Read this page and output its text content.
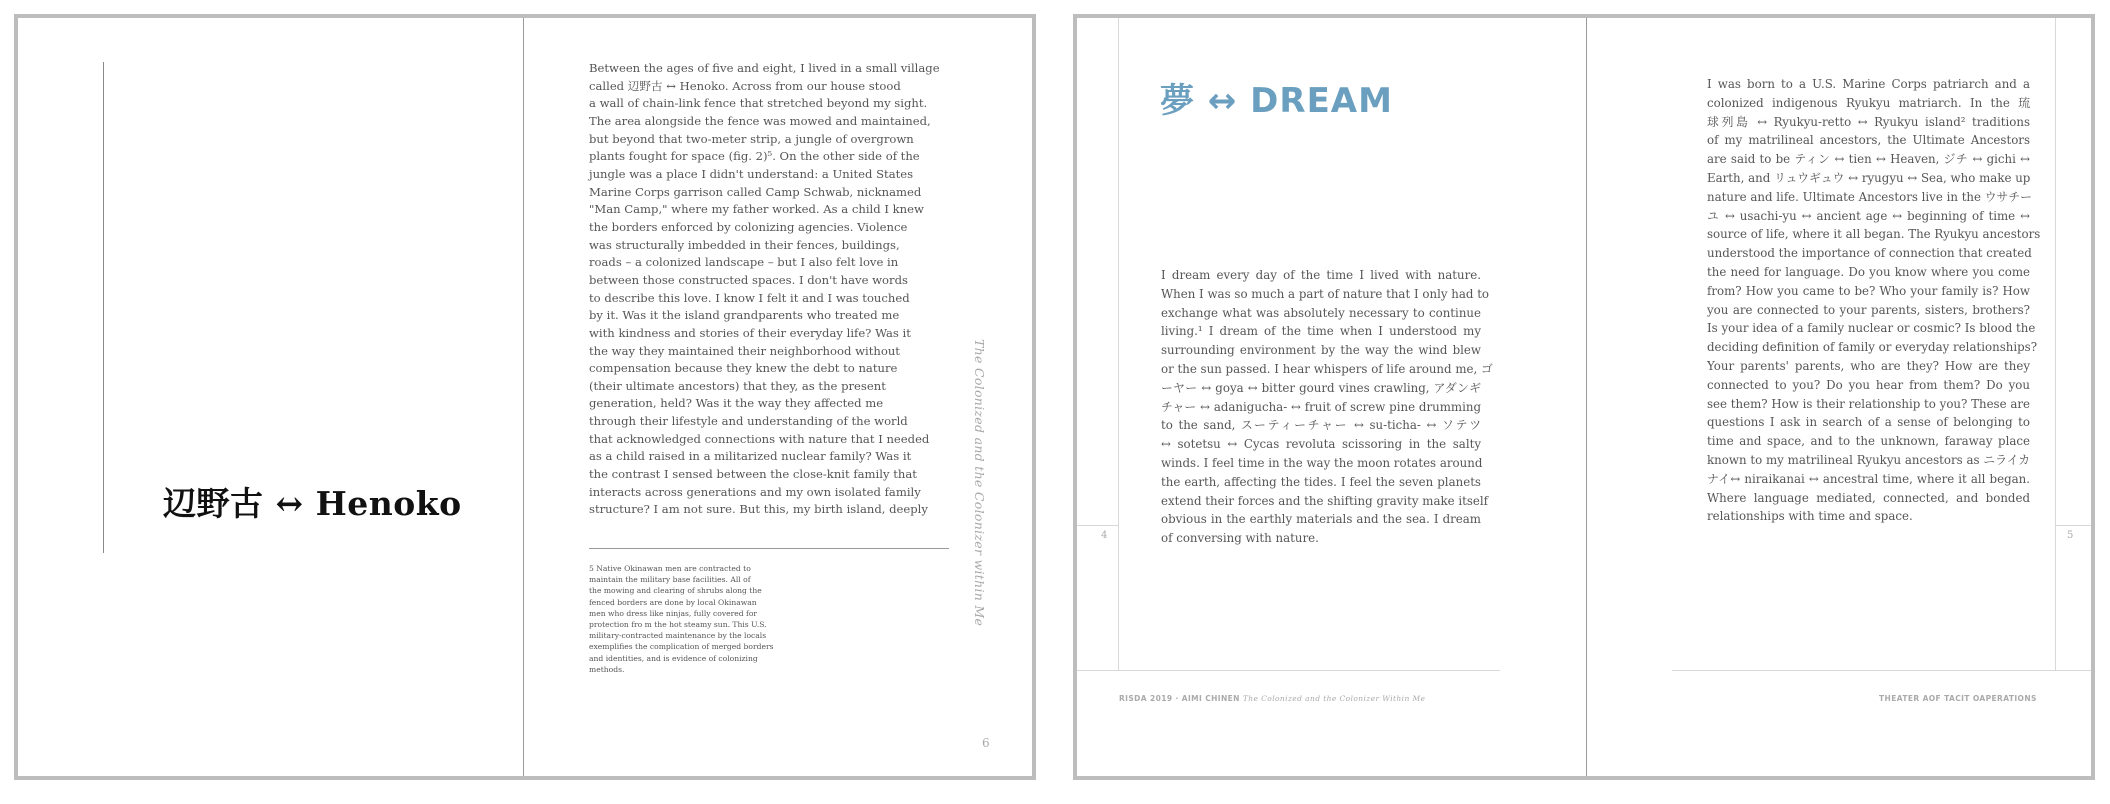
辺野古 ↔ Henoko
Between the ages of five and eight, I lived in a small village
called 辺野古 ↔ Henoko. Across from our house stood
a wall of chain-link fence that stretched beyond my sight.
The area alongside the fence was mowed and maintained,
but beyond that two-meter strip, a jungle of overgrown
plants fought for space (fig. 2)⁵. On the other side of the
jungle was a place I didn't understand: a United States
Marine Corps garrison called Camp Schwab, nicknamed
"Man Camp," where my father worked. As a child I knew
the borders enforced by colonizing agencies. Violence
was structurally imbedded in their fences, buildings,
roads – a colonized landscape – but I also felt love in
between those constructed spaces. I don't have words
to describe this love. I know I felt it and I was touched
by it. Was it the island grandparents who treated me
with kindness and stories of their everyday life? Was it
the way they maintained their neighborhood without
compensation because they knew the debt to nature
(their ultimate ancestors) that they, as the present
generation, held? Was it the way they affected me
through their lifestyle and understanding of the world
that acknowledged connections with nature that I needed
as a child raised in a militarized nuclear family? Was it
the contrast I sensed between the close-knit family that
interacts across generations and my own isolated family
structure? I am not sure. But this, my birth island, deeply
5 Native Okinawan men are contracted to
maintain the military base facilities. All of
the mowing and clearing of shrubs along the
fenced borders are done by local Okinawan
men who dress like ninjas, fully covered for
protection fro m the hot steamy sun. This U.S.
military-contracted maintenance by the locals
exemplifies the complication of merged borders
and identities, and is evidence of colonizing
methods.
The Colonized and the Colonizer within Me
6
夢 ↔ DREAM
I dream every day of the time I lived with nature.
When I was so much a part of nature that I only had to
exchange what was absolutely necessary to continue
living.¹ I dream of the time when I understood my
surrounding environment by the way the wind blew
or the sun passed. I hear whispers of life around me, ゴ
ーヤー ↔ goya ↔ bitter gourd vines crawling, アダンギ
チャー ↔ adanigucha- ↔ fruit of screw pine drumming
to the sand, スーティーチャー ↔ su-ticha- ↔ ソテツ
↔ sotetsu ↔ Cycas revoluta scissoring in the salty
winds. I feel time in the way the moon rotates around
the earth, affecting the tides. I feel the seven planets
extend their forces and the shifting gravity make itself
obvious in the earthly materials and the sea. I dream
of conversing with nature.
I was born to a U.S. Marine Corps patriarch and a
colonized indigenous Ryukyu matriarch. In the 琉
球列島 ↔ Ryukyu-retto ↔ Ryukyu island² traditions
of my matrilineal ancestors, the Ultimate Ancestors
are said to be ティン ↔ tien ↔ Heaven, ジチ ↔ gichi ↔
Earth, and リュウギュウ ↔ ryugyu ↔ Sea, who make up
nature and life. Ultimate Ancestors live in the ウサチー
ユ ↔ usachi-yu ↔ ancient age ↔ beginning of time ↔
source of life, where it all began. The Ryukyu ancestors
understood the importance of connection that created
the need for language. Do you know where you come
from? How you came to be? Who your family is? How
you are connected to your parents, sisters, brothers?
Is your idea of a family nuclear or cosmic? Is blood the
deciding definition of family or everyday relationships?
Your parents' parents, who are they? How are they
connected to you? Do you hear from them? Do you
see them? How is their relationship to you? These are
questions I ask in search of a sense of belonging to
time and space, and to the unknown, faraway place
known to my matrilineal Ryukyu ancestors as ニライカ
ナイ↔ niraikanai ↔ ancestral time, where it all began.
Where language mediated, connected, and bonded
relationships with time and space.
4	5
RISDA 2019 · AIMI CHINEN The Colonized and the Colonizer Within Me	THEATER AOF TACIT OAPERATIONS
